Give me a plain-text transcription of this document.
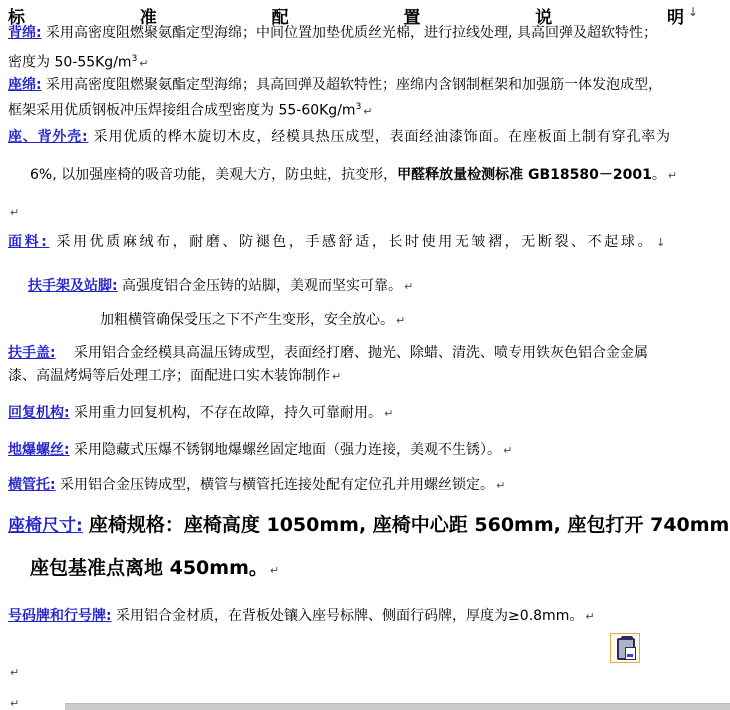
标	准	配	置	说	明 ↓
背绵: 采用高密度阻燃聚氨酯定型海绵；中间位置加垫优质丝光棉，进行拉线处理, 具高回弹及超软特性；
密度为 $50-55Kg/m^3$ ↵
座绵: 采用高密度阻燃聚氨酯定型海绵；具高回弹及超软特性；座绵内含钢制框架和加强筋一体发泡成型，
框架采用优质钢板冲压焊接组合成型密度为 $55-60Kg/m^3$ ↵
座、背外壳: 采用优质的桦木旋切木皮，经模具热压成型，表面经油漆饰面。在座板面上制有穿孔率为
6%, 以加强座椅的吸音功能，美观大方，防虫蛀，抗变形，甲醛释放量检测标准 GB18580－2001。 ↵
↵
面料: 采用优质麻绒布，耐磨、防褪色，手感舒适，长时使用无皱褶，无断裂、不起球。 ↓
扶手架及站脚: 高强度铝合金压铸的站脚，美观而坚实可靠。 ↵
加粗横管确保受压之下不产生变形，安全放心。 ↵
扶手盖:　 采用铝合金经模具高温压铸成型，表面经打磨、抛光、除蜡、清洗、喷专用铁灰色铝合金金属
漆、高温烤焗等后处理工序；面配进口实木装饰制作 ↵
回复机构: 采用重力回复机构，不存在故障，持久可靠耐用。 ↵
地爆螺丝: 采用隐藏式压爆不锈钢地爆螺丝固定地面（强力连接，美观不生锈）。 ↵
横管托: 采用铝合金压铸成型，横管与横管托连接处配有定位孔并用螺丝锁定。 ↵
座椅尺寸: 座椅规格：座椅高度 1050mm, 座椅中心距 560mm, 座包打开 740mm
座包基准点离地 450mm。 ↵
号码牌和行号牌: 采用铝合金材质，在背板处镶入座号标牌、侧面行码牌，厚度为≥0.8mm。 ↵
↵
↵
